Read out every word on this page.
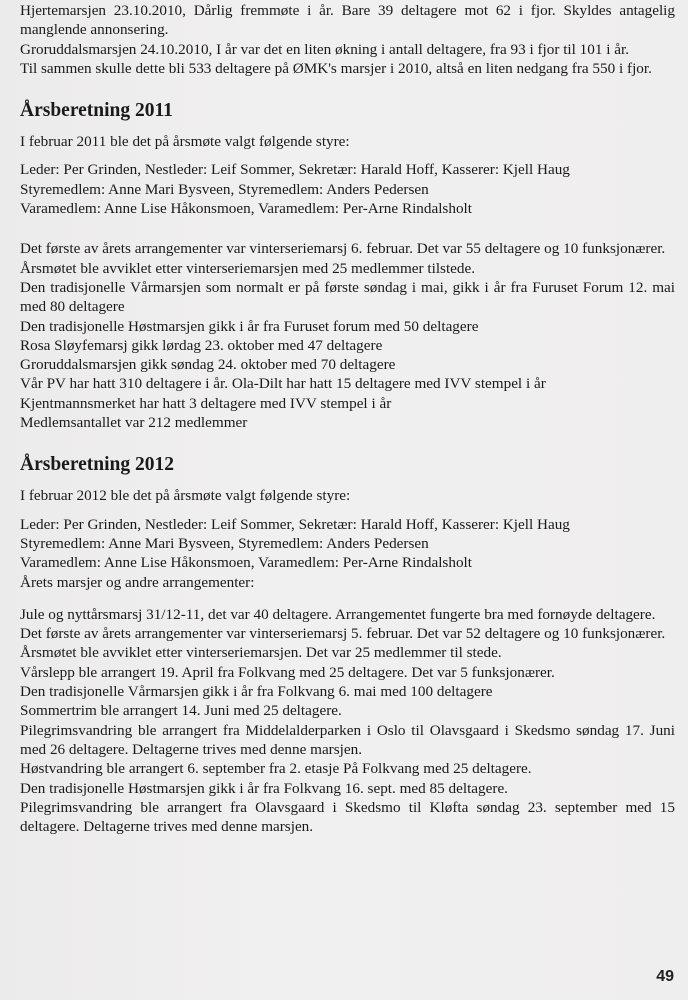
Hjertemarsjen 23.10.2010, Dårlig fremmøte i år. Bare 39 deltagere mot 62 i fjor. Skyldes antagelig manglende annonsering.

Groruddalsmarsjen 24.10.2010, I år var det en liten økning i antall deltagere, fra 93 i fjor til 101 i år.

Til sammen skulle dette bli 533 deltagere på ØMK's marsjer i 2010, altså en liten nedgang fra 550 i fjor.

Årsberetning 2011

I februar 2011 ble det på årsmøte valgt følgende styre:

Leder: Per Grinden, Nestleder: Leif Sommer, Sekretær: Harald Hoff, Kasserer: Kjell Haug

Styremedlem: Anne Mari Bysveen, Styremedlem: Anders Pedersen

Varamedlem: Anne Lise Håkonsmoen, Varamedlem: Per-Arne Rindalsholt

Det første av årets arrangementer var vinterseriemarsj 6. februar. Det var 55 deltagere og 10 funksjonærer.

Årsmøtet ble avviklet etter vinterseriemarsjen med 25 medlemmer tilstede.

Den tradisjonelle Vårmarsjen som normalt er på første søndag i mai, gikk i år fra Furuset Forum 12. mai med 80 deltagere

Den tradisjonelle Høstmarsjen gikk i år fra Furuset forum med 50 deltagere

Rosa Sløyfemarsj gikk lørdag 23. oktober med 47 deltagere

Groruddalsmarsjen gikk søndag 24. oktober med 70 deltagere

Vår PV har hatt 310 deltagere i år. Ola-Dilt har hatt 15 deltagere med IVV stempel i år

Kjentmannsmerket har hatt 3 deltagere med IVV stempel i år

Medlemsantallet var 212 medlemmer

Årsberetning 2012

I februar 2012 ble det på årsmøte valgt følgende styre:

Leder: Per Grinden, Nestleder: Leif Sommer, Sekretær: Harald Hoff, Kasserer: Kjell Haug

Styremedlem: Anne Mari Bysveen, Styremedlem: Anders Pedersen

Varamedlem: Anne Lise Håkonsmoen, Varamedlem: Per-Arne Rindalsholt

Årets marsjer og andre arrangementer:

Jule og nyttårsmarsj 31/12-11, det var 40 deltagere. Arrangementet fungerte bra med fornøyde deltagere.

Det første av årets arrangementer var vinterseriemarsj 5. februar. Det var 52 deltagere og 10 funksjonærer.

Årsmøtet ble avviklet etter vinterseriemarsjen. Det var 25 medlemmer til stede.

Vårslepp ble arrangert 19. April fra Folkvang med 25 deltagere. Det var 5 funksjonærer.

Den tradisjonelle Vårmarsjen gikk i år fra Folkvang 6. mai med 100 deltagere

Sommertrim ble arrangert 14. Juni med 25 deltagere.

Pilegrimsvandring ble arrangert fra Middelalderparken i Oslo til Olavsgaard i Skedsmo søndag 17. Juni med 26 deltagere. Deltagerne trives med denne marsjen.

Høstvandring ble arrangert 6. september fra 2. etasje På Folkvang med 25 deltagere.

Den tradisjonelle Høstmarsjen gikk i år fra Folkvang 16. sept. med 85 deltagere.

Pilegrimsvandring ble arrangert fra Olavsgaard i Skedsmo til Kløfta søndag 23. september med 15 deltagere. Deltagerne trives med denne marsjen.

49
